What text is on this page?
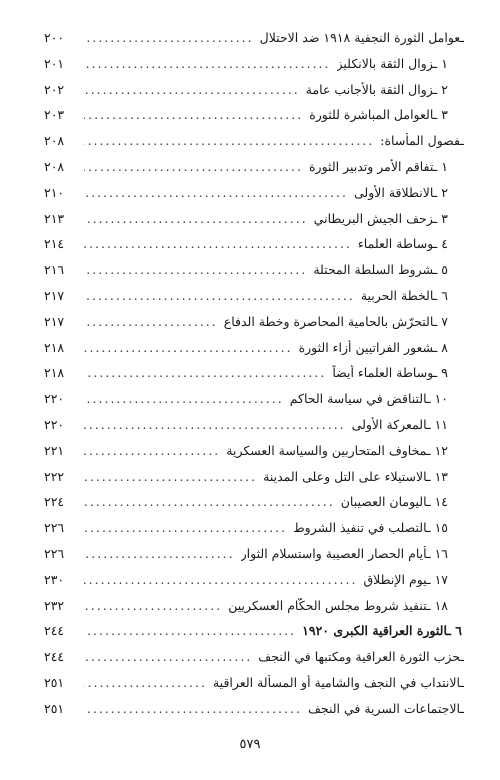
ـعوامل الثورة النجفية ١٩١٨ ضد الاحتلال
.....
٢٠٠
١ ـزوال الثقة بالانكليز
.....
٢٠١
٢ ـزوال الثقة بالأجانب عامة
.....
٢٠٢
٣ ـالعوامل المباشرة للثورة
.....
٢٠٣
ـفصول المأساة:
.....
٢٠٨
١ ـتفاقم الأمر وتدبير الثورة
.....
٢٠٨
٢ ـالانطلاقة الأولى
.....
٢١٠
٣ ـزحف الجيش البريطاني
.....
٢١٣
٤ ـوساطة العلماء
.....
٢١٤
٥ ـشروط السلطة المحتلة
.....
٢١٦
٦ ـالخطة الحربية
.....
٢١٧
٧ ـالتحرّش بالحامية المحاصرة وخطة الدفاع
.....
٢١٧
٨ ـشعور الفراتيين أزاء الثورة
.....
٢١٨
٩ ـوساطة العلماء أيضاً
.....
٢١٨
١٠ ـالتناقض في سياسة الحاكم
.....
٢٢٠
١١ ـالمعركة الأولى
.....
٢٢٠
١٢ ـمخاوف المتحاربين والسياسة العسكرية
.....
٢٢١
١٣ ـالاستيلاء على التل وعلى المدينة
.....
٢٢٢
١٤ ـاليومان العصيبان
.....
٢٢٤
١٥ ـالتصلب في تنفيذ الشروط
.....
٢٢٦
١٦ ـأيام الحصار العصيبة واستسلام الثوار
.....
٢٢٦
١٧ ـيوم الإنطلاق
.....
٢٣٠
١٨ ـتنفيذ شروط مجلس الحكّام العسكريين
.....
٢٣٢
٦ ـالثورة العراقية الكبرى ١٩٢٠
.....
٢٤٤
ـحزب الثورة العراقية ومكتبها في النجف
.....
٢٤٤
ـالانتداب في النجف والشامية أو المسألة العراقية
.....
٢٥١
ـالاجتماعات السرية في النجف
.....
٢٥١
٥٧٩
